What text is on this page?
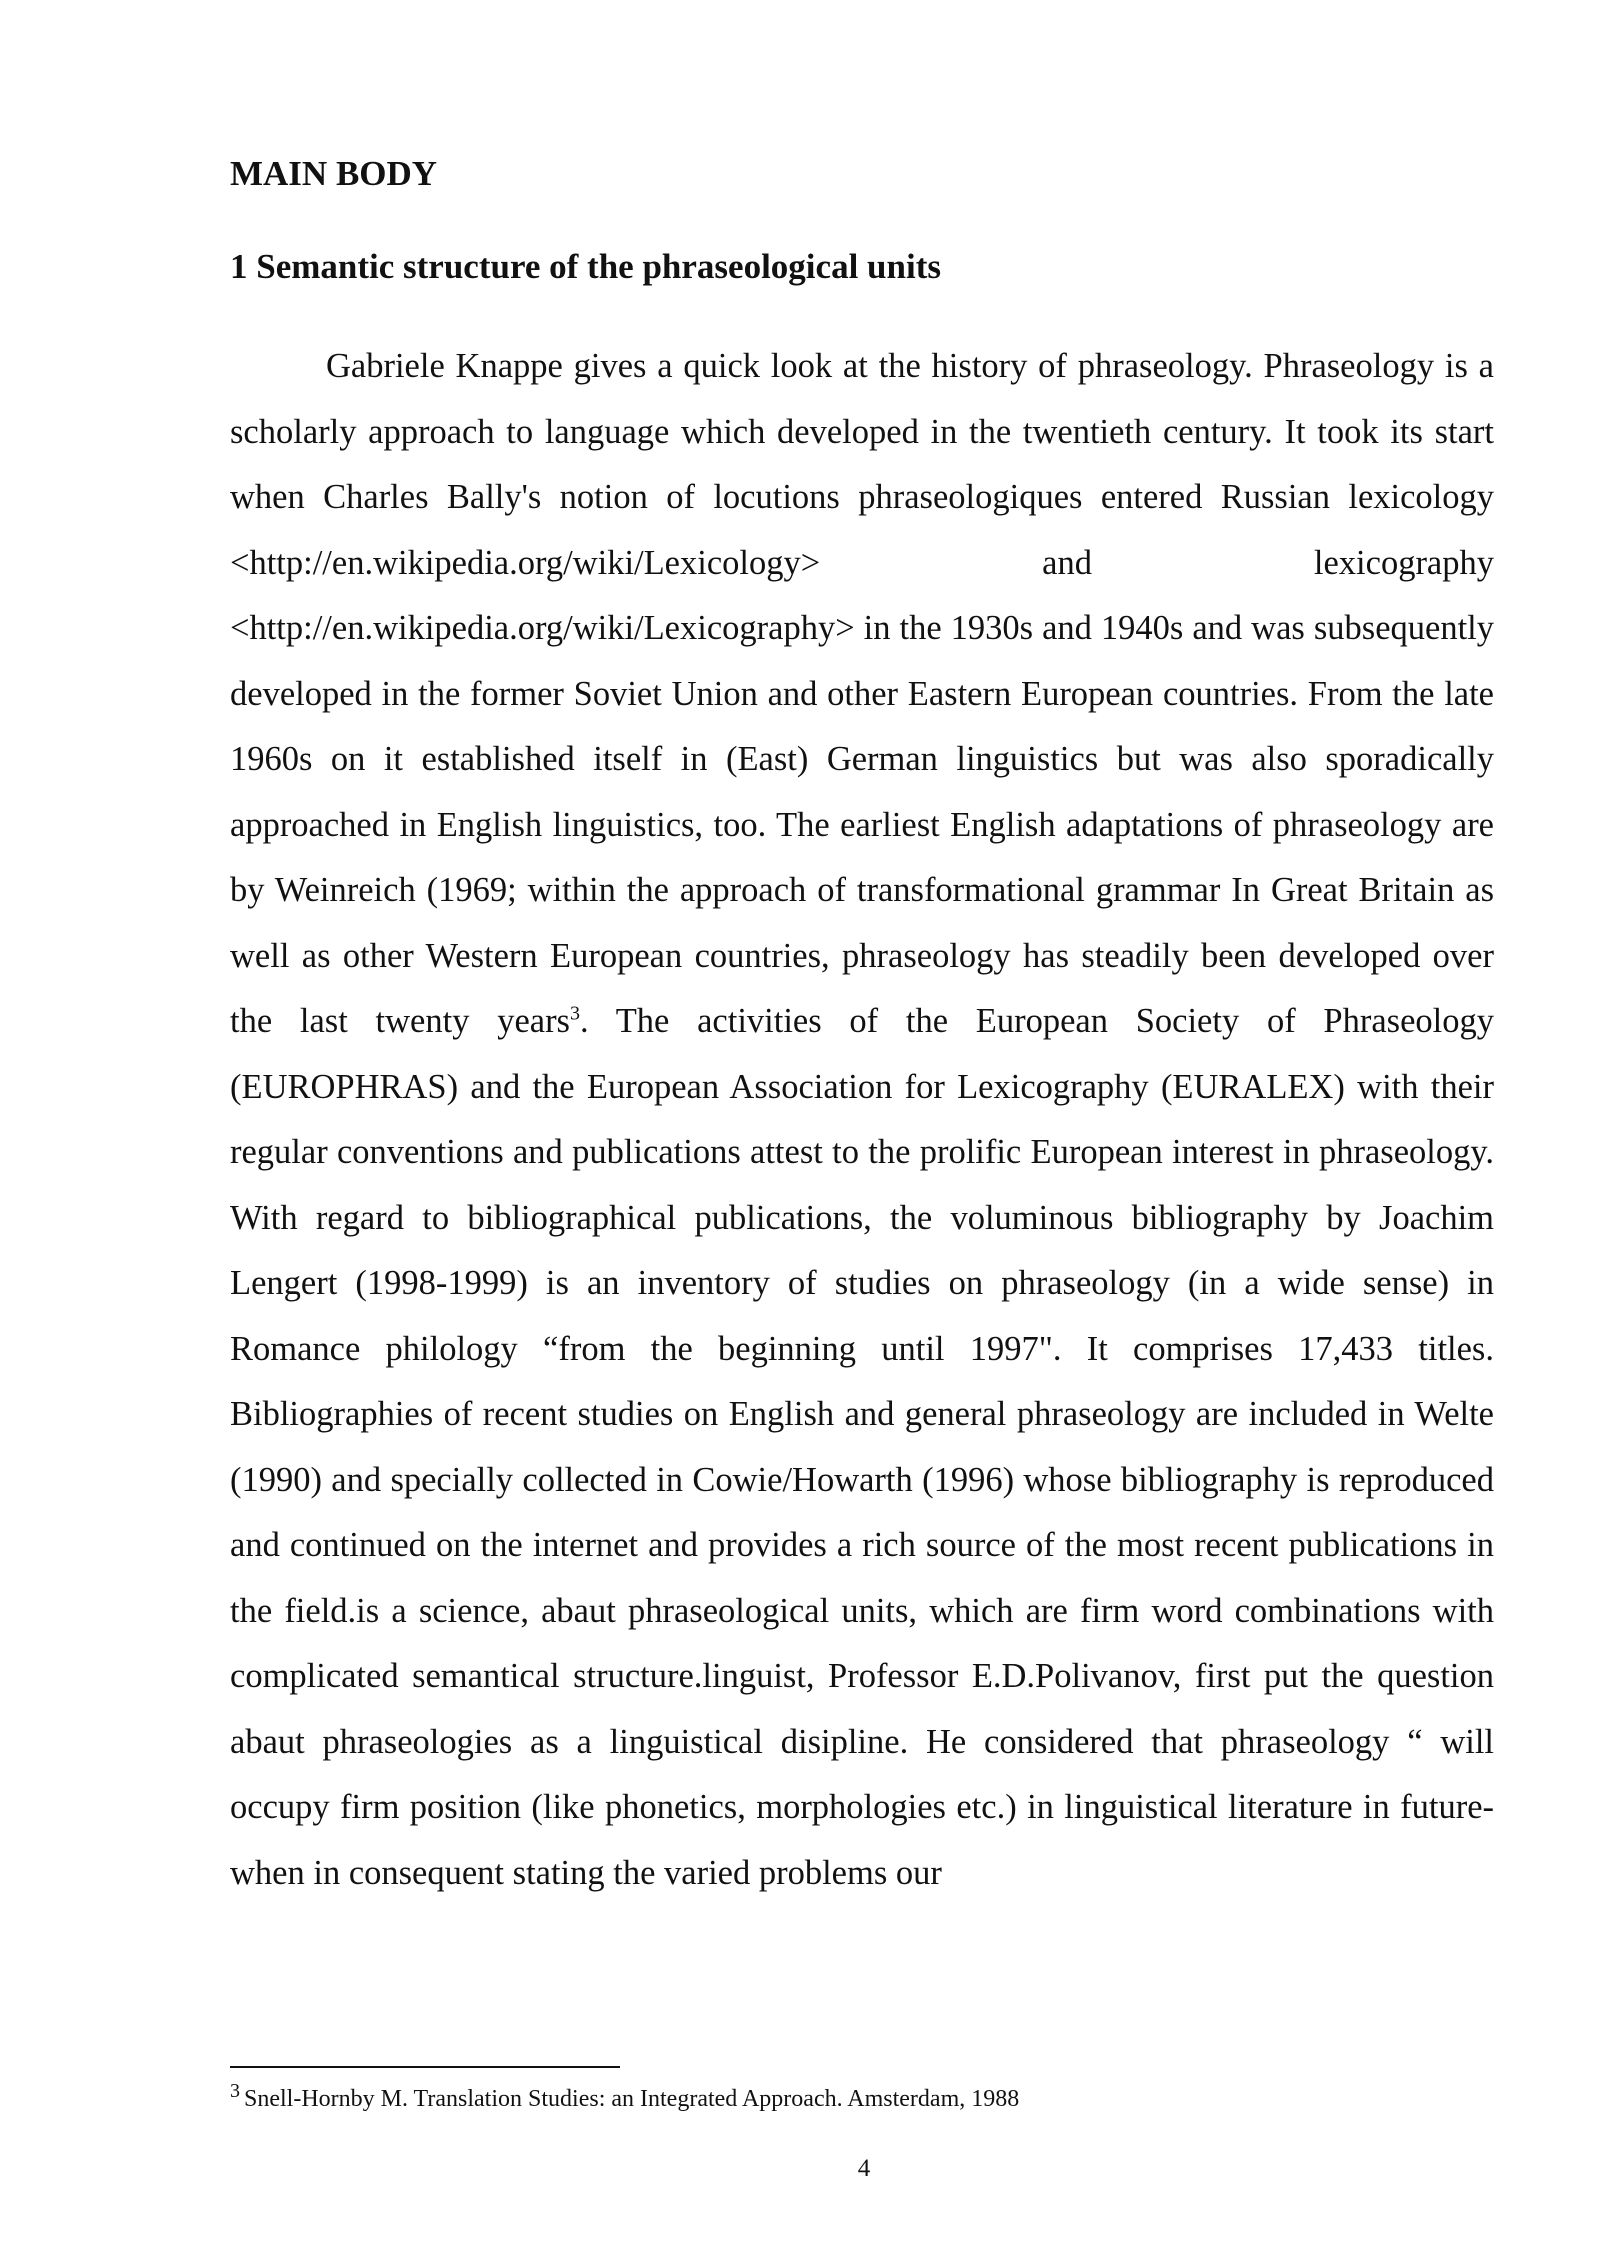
MAIN BODY
1 Semantic structure of the phraseological units

Gabriele Knappe gives a quick look at the history of phraseology. Phraseology is a scholarly approach to language which developed in the twentieth century. It took its start when Charles Bally's notion of locutions phraseologiques entered Russian lexicology <http://en.wikipedia.org/wiki/Lexicology> and lexicography <http://en.wikipedia.org/wiki/Lexicography> in the 1930s and 1940s and was subsequently developed in the former Soviet Union and other Eastern European countries. From the late 1960s on it established itself in (East) German linguistics but was also sporadically approached in English linguistics, too. The earliest English adaptations of phraseology are by Weinreich (1969; within the approach of transformational grammar In Great Britain as well as other Western European countries, phraseology has steadily been developed over the last twenty years$^3$. The activities of the European Society of Phraseology (EUROPHRAS) and the European Association for Lexicography (EURALEX) with their regular conventions and publications attest to the prolific European interest in phraseology. With regard to bibliographical publications, the voluminous bibliography by Joachim Lengert (1998-1999) is an inventory of studies on phraseology (in a wide sense) in Romance philology “from the beginning until 1997". It comprises 17,433 titles. Bibliographies of recent studies on English and general phraseology are included in Welte (1990) and specially collected in Cowie/Howarth (1996) whose bibliography is reproduced and continued on the internet and provides a rich source of the most recent publications in the field.is a science, abaut phraseological units, which are firm word combinations with complicated semantical structure.linguist, Professor E.D.Polivanov, first put the question abaut phraseologies as a linguistical disipline. He considered that phraseology “ will occupy firm position (like phonetics, morphologies etc.) in linguistical literature in future-when in consequent stating the varied problems our

$^3$ Snell-Hornby M. Translation Studies: an Integrated Approach. Amsterdam, 1988
4
